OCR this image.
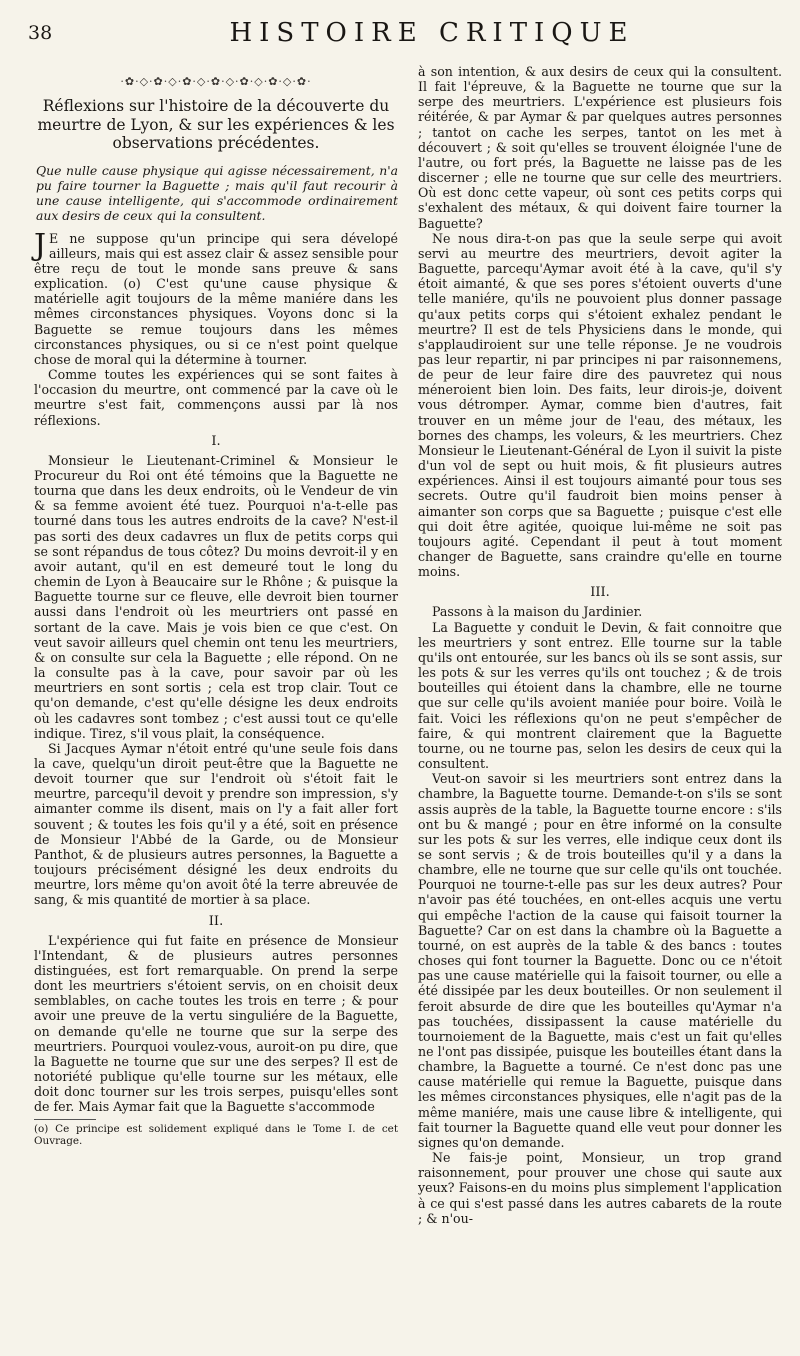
38	HISTOIRE CRITIQUE
·✿·◇·✿·◇·✿·◇·✿·◇·✿·◇·✿·◇·✿·
Réflexions sur l'histoire de la découverte du meurtre de Lyon, & sur les expériences & les observations précédentes.
Que nulle cause physique qui agisse nécessairement, n'a pu faire tourner la Baguette ; mais qu'il faut recourir à une cause intelligente, qui s'accommode ordinairement aux desirs de ceux qui la consultent.

J E ne suppose qu'un principe qui sera dévelopé ailleurs, mais qui est assez clair & assez sensible pour être reçu de tout le monde sans preuve & sans explication. (o) C'est qu'une cause physique & matérielle agit toujours de la même maniére dans les mêmes circonstances physiques. Voyons donc si la Baguette se remue toujours dans les mêmes circonstances physiques, ou si ce n'est point quelque chose de moral qui la détermine à tourner.

Comme toutes les expériences qui se sont faites à l'occasion du meurtre, ont commencé par la cave où le meurtre s'est fait, commençons aussi par là nos réflexions.

I.

Monsieur le Lieutenant-Criminel & Monsieur le Procureur du Roi ont été témoins que la Baguette ne tourna que dans les deux endroits, où le Vendeur de vin & sa femme avoient été tuez. Pourquoi n'a-t-elle pas tourné dans tous les autres endroits de la cave? N'est-il pas sorti des deux cadavres un flux de petits corps qui se sont répandus de tous côtez? Du moins devroit-il y en avoir autant, qu'il en est demeuré tout le long du chemin de Lyon à Beaucaire sur le Rhône ; & puisque la Baguette tourne sur ce fleuve, elle devroit bien tourner aussi dans l'endroit où les meurtriers ont passé en sortant de la cave. Mais je vois bien ce que c'est. On veut savoir ailleurs quel chemin ont tenu les meurtriers, & on consulte sur cela la Baguette ; elle répond. On ne la consulte pas à la cave, pour savoir par où les meurtriers en sont sortis ; cela est trop clair. Tout ce qu'on demande, c'est qu'elle désigne les deux endroits où les cadavres sont tombez ; c'est aussi tout ce qu'elle indique. Tirez, s'il vous plait, la conséquence.

Si Jacques Aymar n'étoit entré qu'une seule fois dans la cave, quelqu'un diroit peut-être que la Baguette ne devoit tourner que sur l'endroit où s'étoit fait le meurtre, parcequ'il devoit y prendre son impression, s'y aimanter comme ils disent, mais on l'y a fait aller fort souvent ; & toutes les fois qu'il y a été, soit en présence de Monsieur l'Abbé de la Garde, ou de Monsieur Panthot, & de plusieurs autres personnes, la Baguette a toujours précisément désigné les deux endroits du meurtre, lors même qu'on avoit ôté la terre abreuvée de sang, & mis quantité de mortier à sa place.

II.

L'expérience qui fut faite en présence de Monsieur l'Intendant, & de plusieurs autres personnes distinguées, est fort remarquable. On prend la serpe dont les meurtriers s'étoient servis, on en choisit deux semblables, on cache toutes les trois en terre ; & pour avoir une preuve de la vertu singuliére de la Baguette, on demande qu'elle ne tourne que sur la serpe des meurtriers. Pourquoi voulez-vous, auroit-on pu dire, que la Baguette ne tourne que sur une des serpes? Il est de notoriété publique qu'elle tourne sur les métaux, elle doit donc tourner sur les trois serpes, puisqu'elles sont de fer. Mais Aymar fait que la Baguette s'accommode

(o) Ce principe est solidement expliqué dans le Tome I. de cet Ouvrage.

à son intention, & aux desirs de ceux qui la consultent. Il fait l'épreuve, & la Baguette ne tourne que sur la serpe des meurtriers. L'expérience est plusieurs fois réitérée, & par Aymar & par quelques autres personnes ; tantot on cache les serpes, tantot on les met à découvert ; & soit qu'elles se trouvent éloignée l'une de l'autre, ou fort prés, la Baguette ne laisse pas de les discerner ; elle ne tourne que sur celle des meurtriers. Où est donc cette vapeur, où sont ces petits corps qui s'exhalent des métaux, & qui doivent faire tourner la Baguette?

Ne nous dira-t-on pas que la seule serpe qui avoit servi au meurtre des meurtriers, devoit agiter la Baguette, parcequ'Aymar avoit été à la cave, qu'il s'y étoit aimanté, & que ses pores s'étoient ouverts d'une telle maniére, qu'ils ne pouvoient plus donner passage qu'aux petits corps qui s'étoient exhalez pendant le meurtre? Il est de tels Physiciens dans le monde, qui s'applaudiroient sur une telle réponse. Je ne voudrois pas leur repartir, ni par principes ni par raisonnemens, de peur de leur faire dire des pauvretez qui nous méneroient bien loin. Des faits, leur dirois-je, doivent vous détromper. Aymar, comme bien d'autres, fait trouver en un même jour de l'eau, des métaux, les bornes des champs, les voleurs, & les meurtriers. Chez Monsieur le Lieutenant-Général de Lyon il suivit la piste d'un vol de sept ou huit mois, & fit plusieurs autres expériences. Ainsi il est toujours aimanté pour tous ses secrets. Outre qu'il faudroit bien moins penser à aimanter son corps que sa Baguette ; puisque c'est elle qui doit être agitée, quoique lui-même ne soit pas toujours agité. Cependant il peut à tout moment changer de Baguette, sans craindre qu'elle en tourne moins.

III.

Passons à la maison du Jardinier.

La Baguette y conduit le Devin, & fait connoitre que les meurtriers y sont entrez. Elle tourne sur la table qu'ils ont entourée, sur les bancs où ils se sont assis, sur les pots & sur les verres qu'ils ont touchez ; & de trois bouteilles qui étoient dans la chambre, elle ne tourne que sur celle qu'ils avoient maniée pour boire. Voilà le fait. Voici les réflexions qu'on ne peut s'empêcher de faire, & qui montrent clairement que la Baguette tourne, ou ne tourne pas, selon les desirs de ceux qui la consultent.

Veut-on savoir si les meurtriers sont entrez dans la chambre, la Baguette tourne. Demande-t-on s'ils se sont assis auprès de la table, la Baguette tourne encore : s'ils ont bu & mangé ; pour en être informé on la consulte sur les pots & sur les verres, elle indique ceux dont ils se sont servis ; & de trois bouteilles qu'il y a dans la chambre, elle ne tourne que sur celle qu'ils ont touchée. Pourquoi ne tourne-t-elle pas sur les deux autres? Pour n'avoir pas été touchées, en ont-elles acquis une vertu qui empêche l'action de la cause qui faisoit tourner la Baguette? Car on est dans la chambre où la Baguette a tourné, on est auprès de la table & des bancs : toutes choses qui font tourner la Baguette. Donc ou ce n'étoit pas une cause matérielle qui la faisoit tourner, ou elle a été dissipée par les deux bouteilles. Or non seulement il feroit absurde de dire que les bouteilles qu'Aymar n'a pas touchées, dissipassent la cause matérielle du tournoiement de la Baguette, mais c'est un fait qu'elles ne l'ont pas dissipée, puisque les bouteilles étant dans la chambre, la Baguette a tourné. Ce n'est donc pas une cause matérielle qui remue la Baguette, puisque dans les mêmes circonstances physiques, elle n'agit pas de la même maniére, mais une cause libre & intelligente, qui fait tourner la Baguette quand elle veut pour donner les signes qu'on demande.

Ne fais-je point, Monsieur, un trop grand raisonnement, pour prouver une chose qui saute aux yeux? Faisons-en du moins plus simplement l'application à ce qui s'est passé dans les autres cabarets de la route ; & n'ou-
